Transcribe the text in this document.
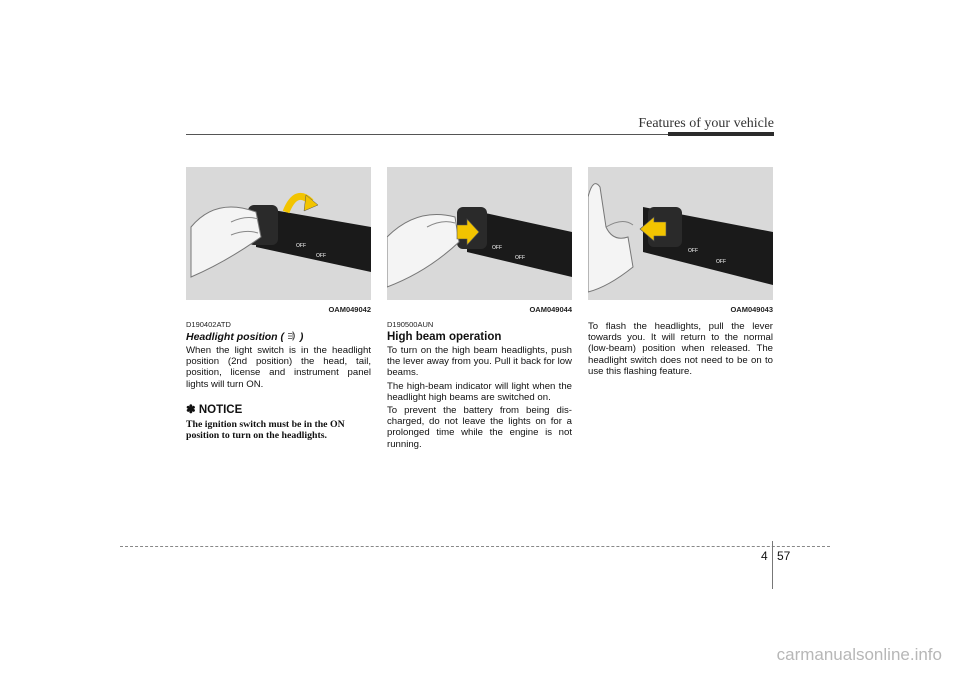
Features of your vehicle
OFF
OFF
OAM049042
D190402ATD
Headlight position ( )

When the light switch is in the headlight position (2nd position) the head, tail, position, license and instrument panel lights will turn ON.

✽ NOTICE
The ignition switch must be in the ON position to turn on the headlights.
OFF
OFF
OAM049044
D190500AUN
High beam operation

To turn on the high beam headlights, push the lever away from you. Pull it back for low beams.

The high-beam indicator will light when the headlight high beams are switched on.

To prevent the battery from being dis-charged, do not leave the lights on for a prolonged time while the engine is not running.

OFF
OFF
OAM049043

To flash the headlights, pull the lever towards you. It will return to the normal (low-beam) position when released. The headlight switch does not need to be on to use this flashing feature.

4 57
carmanualsonline.info
